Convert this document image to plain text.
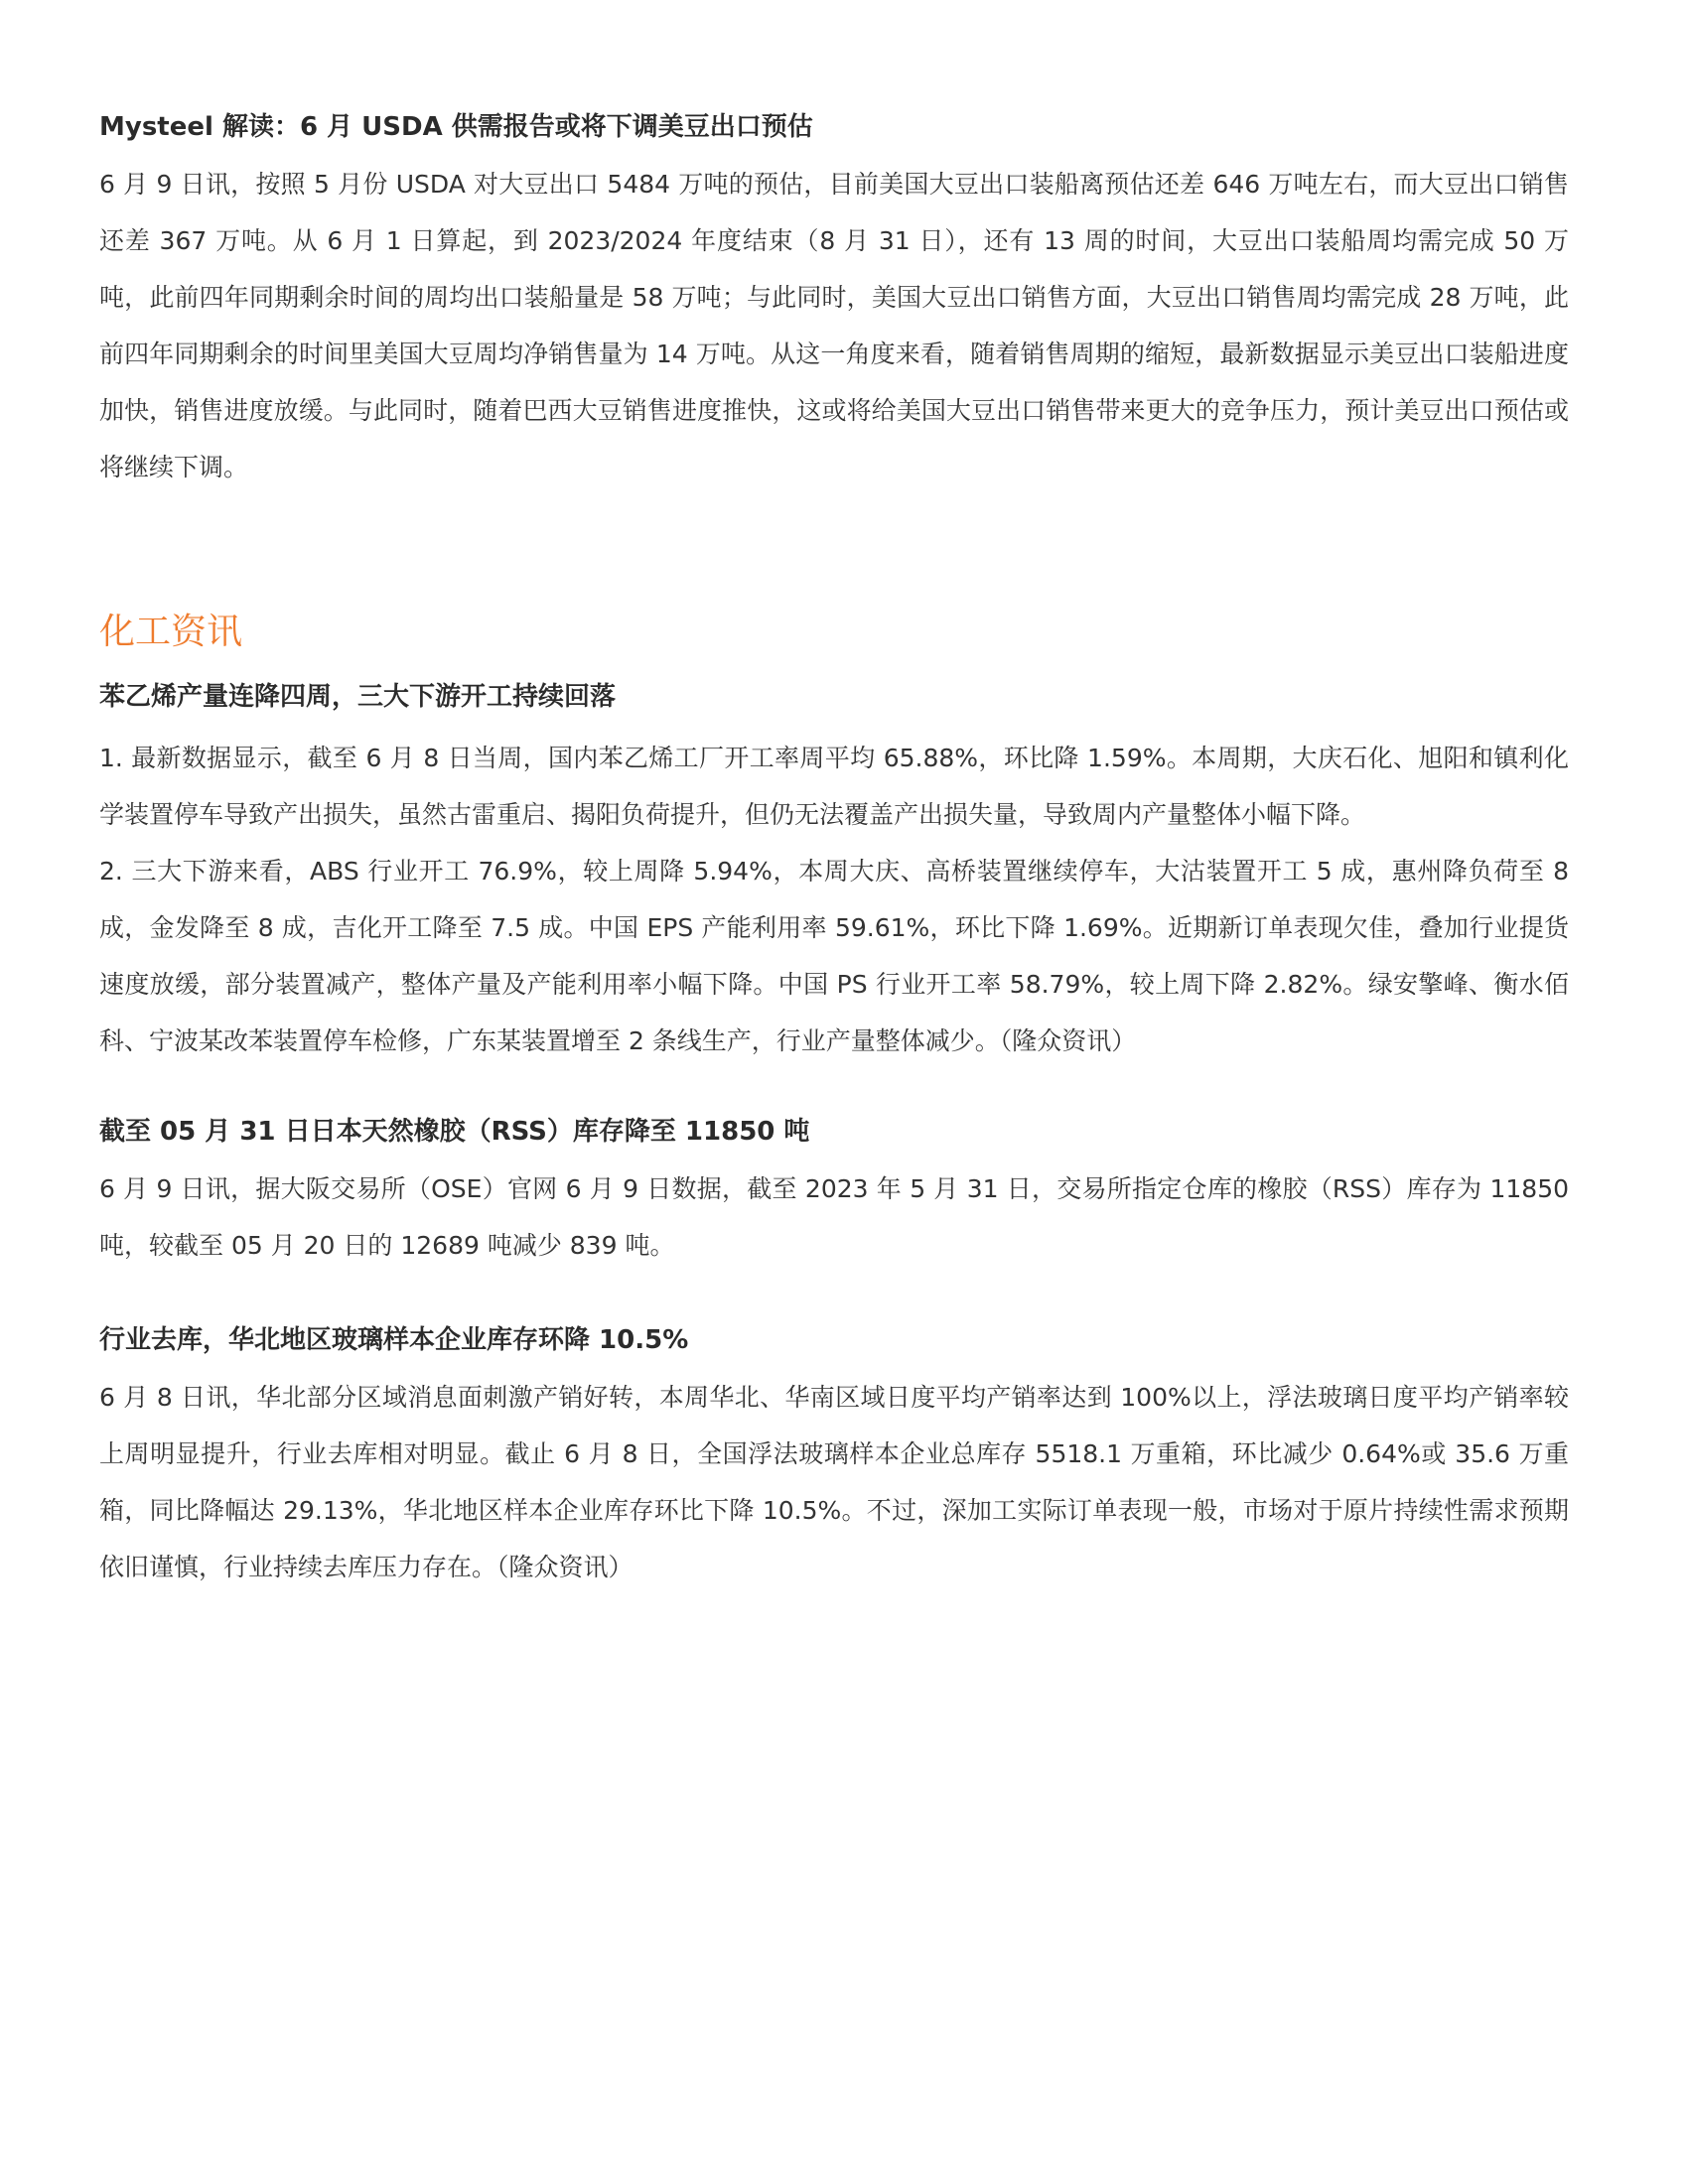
Mysteel 解读：6 月 USDA 供需报告或将下调美豆出口预估

6 月 9 日讯，按照 5 月份 USDA 对大豆出口 5484 万吨的预估，目前美国大豆出口装船离预估还差 646 万吨左右，而大豆出口销售还差 367 万吨。从 6 月 1 日算起，到 2023/2024 年度结束（8 月 31 日），还有 13 周的时间，大豆出口装船周均需完成 50 万吨，此前四年同期剩余时间的周均出口装船量是 58 万吨；与此同时，美国大豆出口销售方面，大豆出口销售周均需完成 28 万吨，此前四年同期剩余的时间里美国大豆周均净销售量为 14 万吨。从这一角度来看，随着销售周期的缩短，最新数据显示美豆出口装船进度加快，销售进度放缓。与此同时，随着巴西大豆销售进度推快，这或将给美国大豆出口销售带来更大的竞争压力，预计美豆出口预估或将继续下调。

化工资讯
苯乙烯产量连降四周，三大下游开工持续回落

1. 最新数据显示，截至 6 月 8 日当周，国内苯乙烯工厂开工率周平均 65.88%，环比降 1.59%。本周期，大庆石化、旭阳和镇利化学装置停车导致产出损失，虽然古雷重启、揭阳负荷提升，但仍无法覆盖产出损失量，导致周内产量整体小幅下降。

2. 三大下游来看，ABS 行业开工 76.9%，较上周降 5.94%，本周大庆、高桥装置继续停车，大沽装置开工 5 成，惠州降负荷至 8 成，金发降至 8 成，吉化开工降至 7.5 成。中国 EPS 产能利用率 59.61%，环比下降 1.69%。近期新订单表现欠佳，叠加行业提货速度放缓，部分装置减产，整体产量及产能利用率小幅下降。中国 PS 行业开工率 58.79%，较上周下降 2.82%。绿安擎峰、衡水佰科、宁波某改苯装置停车检修，广东某装置增至 2 条线生产，行业产量整体减少。（隆众资讯）

截至 05 月 31 日日本天然橡胶（RSS）库存降至 11850 吨

6 月 9 日讯，据大阪交易所（OSE）官网 6 月 9 日数据，截至 2023 年 5 月 31 日，交易所指定仓库的橡胶（RSS）库存为 11850 吨，较截至 05 月 20 日的 12689 吨减少 839 吨。

行业去库，华北地区玻璃样本企业库存环降 10.5%

6 月 8 日讯，华北部分区域消息面刺激产销好转，本周华北、华南区域日度平均产销率达到 100%以上，浮法玻璃日度平均产销率较上周明显提升，行业去库相对明显。截止 6 月 8 日，全国浮法玻璃样本企业总库存 5518.1 万重箱，环比减少 0.64%或 35.6 万重箱，同比降幅达 29.13%，华北地区样本企业库存环比下降 10.5%。不过，深加工实际订单表现一般，市场对于原片持续性需求预期依旧谨慎，行业持续去库压力存在。（隆众资讯）
